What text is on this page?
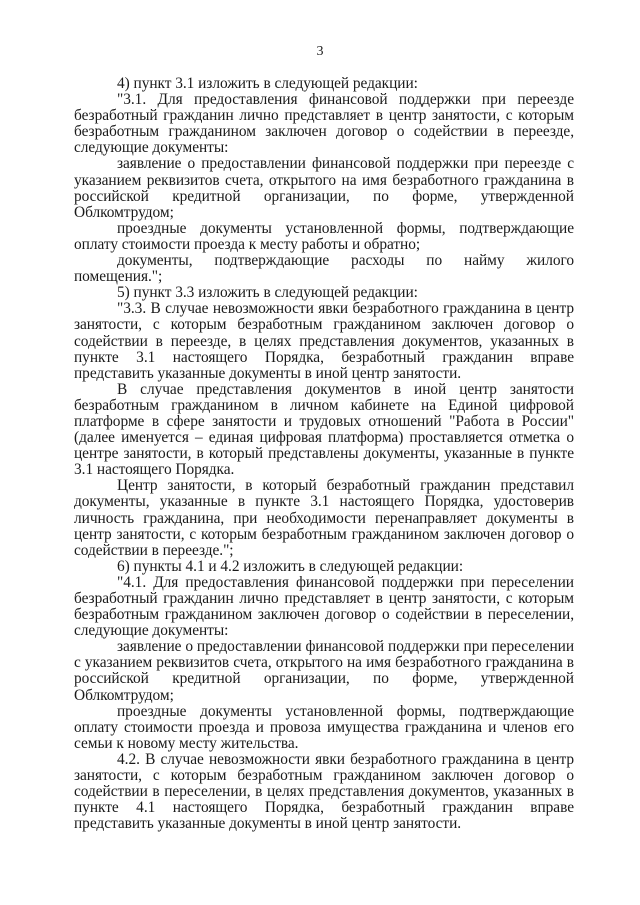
3

4) пункт 3.1 изложить в следующей редакции:

"3.1. Для предоставления финансовой поддержки при переезде безработный гражданин лично представляет в центр занятости, с которым безработным гражданином заключен договор о содействии в переезде, следующие документы:

заявление о предоставлении финансовой поддержки при переезде с указанием реквизитов счета, открытого на имя безработного гражданина в российской кредитной организации, по форме, утвержденной Облкомтрудом;

проездные документы установленной формы, подтверждающие оплату стоимости проезда к месту работы и обратно;

документы, подтверждающие расходы по найму жилого помещения.";

5) пункт 3.3 изложить в следующей редакции:

"3.3. В случае невозможности явки безработного гражданина в центр занятости, с которым безработным гражданином заключен договор о содействии в переезде, в целях представления документов, указанных в пункте 3.1 настоящего Порядка, безработный гражданин вправе представить указанные документы в иной центр занятости.

В случае представления документов в иной центр занятости безработным гражданином в личном кабинете на Единой цифровой платформе в сфере занятости и трудовых отношений "Работа в России" (далее именуется – единая цифровая платформа) проставляется отметка о центре занятости, в который представлены документы, указанные в пункте 3.1 настоящего Порядка.

Центр занятости, в который безработный гражданин представил документы, указанные в пункте 3.1 настоящего Порядка, удостоверив личность гражданина, при необходимости перенаправляет документы в центр занятости, с которым безработным гражданином заключен договор о содействии в переезде.";

6) пункты 4.1 и 4.2 изложить в следующей редакции:

"4.1. Для предоставления финансовой поддержки при переселении безработный гражданин лично представляет в центр занятости, с которым безработным гражданином заключен договор о содействии в переселении, следующие документы:

заявление о предоставлении финансовой поддержки при переселении с указанием реквизитов счета, открытого на имя безработного гражданина в российской кредитной организации, по форме, утвержденной Облкомтрудом;

проездные документы установленной формы, подтверждающие оплату стоимости проезда и провоза имущества гражданина и членов его семьи к новому месту жительства.

4.2. В случае невозможности явки безработного гражданина в центр занятости, с которым безработным гражданином заключен договор о содействии в переселении, в целях представления документов, указанных в пункте 4.1 настоящего Порядка, безработный гражданин вправе представить указанные документы в иной центр занятости.
